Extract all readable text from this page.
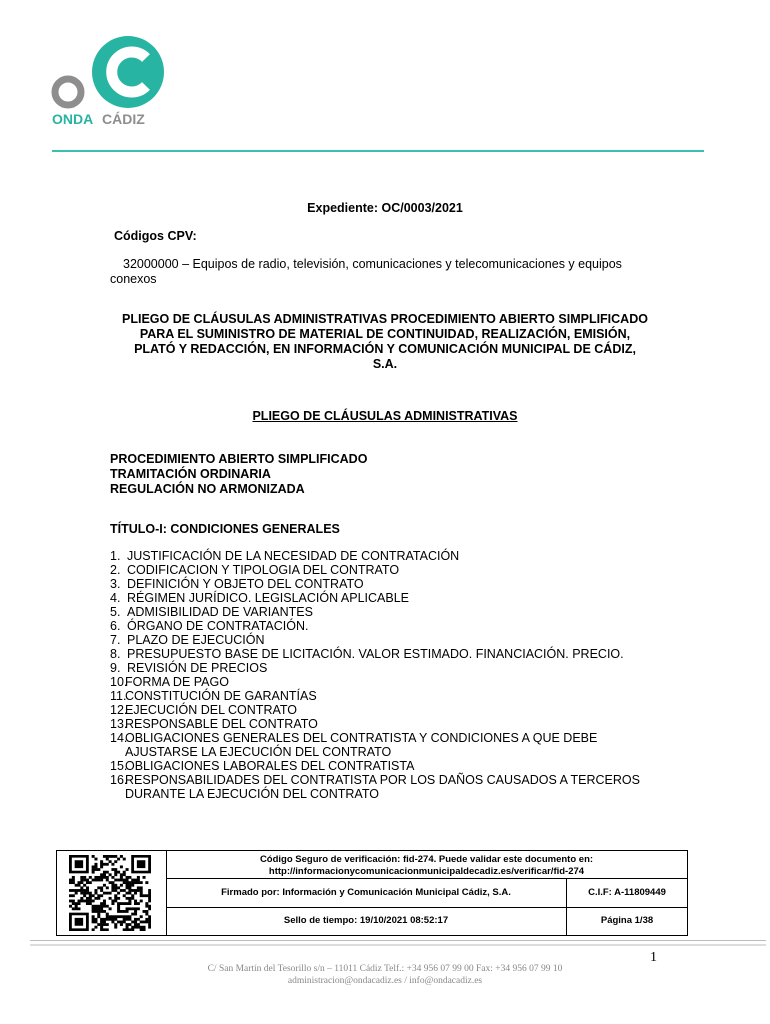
ONDA CÁDIZ
Expediente: OC/0003/2021
Códigos CPV:
32000000 – Equipos de radio, televisión, comunicaciones y telecomunicaciones y equipos conexos
PLIEGO DE CLÁUSULAS ADMINISTRATIVAS PROCEDIMIENTO ABIERTO SIMPLIFICADO
PARA EL SUMINISTRO DE MATERIAL DE CONTINUIDAD, REALIZACIÓN, EMISIÓN,
PLATÓ Y REDACCIÓN, EN INFORMACIÓN Y COMUNICACIÓN MUNICIPAL DE CÁDIZ,
S.A.
PLIEGO DE CLÁUSULAS ADMINISTRATIVAS
PROCEDIMIENTO ABIERTO SIMPLIFICADO
TRAMITACIÓN ORDINARIA
REGULACIÓN NO ARMONIZADA
TÍTULO-I: CONDICIONES GENERALES
1. JUSTIFICACIÓN DE LA NECESIDAD DE CONTRATACIÓN
2. CODIFICACION Y TIPOLOGIA DEL CONTRATO
3. DEFINICIÓN Y OBJETO DEL CONTRATO
4. RÉGIMEN JURÍDICO. LEGISLACIÓN APLICABLE
5. ADMISIBILIDAD DE VARIANTES
6. ÓRGANO DE CONTRATACIÓN.
7. PLAZO DE EJECUCIÓN
8. PRESUPUESTO BASE DE LICITACIÓN. VALOR ESTIMADO. FINANCIACIÓN. PRECIO.
9. REVISIÓN DE PRECIOS
10.
FORMA DE PAGO
11.
CONSTITUCIÓN DE GARANTÍAS
12.
EJECUCIÓN DEL CONTRATO
13.
RESPONSABLE DEL CONTRATO
14.
OBLIGACIONES GENERALES DEL CONTRATISTA Y CONDICIONES A QUE DEBE AJUSTARSE LA EJECUCIÓN DEL CONTRATO
15.
OBLIGACIONES LABORALES DEL CONTRATISTA
16.
RESPONSABILIDADES DEL CONTRATISTA POR LOS DAÑOS CAUSADOS A TERCEROS DURANTE LA EJECUCIÓN DEL CONTRATO
Código Seguro de verificación: fid-274. Puede validar este documento en:
http://informacionycomunicacionmunicipaldecadiz.es/verificar/fid-274
Firmado por: Información y Comunicación Municipal Cádiz, S.A.	C.I.F: A-11809449
Sello de tiempo: 19/10/2021 08:52:17	Página 1/38
1
C/ San Martín del Tesorillo s/n – 11011 Cádiz Telf.: +34 956 07 99 00 Fax: +34 956 07 99 10
administracion@ondacadiz.es / info@ondacadiz.es
